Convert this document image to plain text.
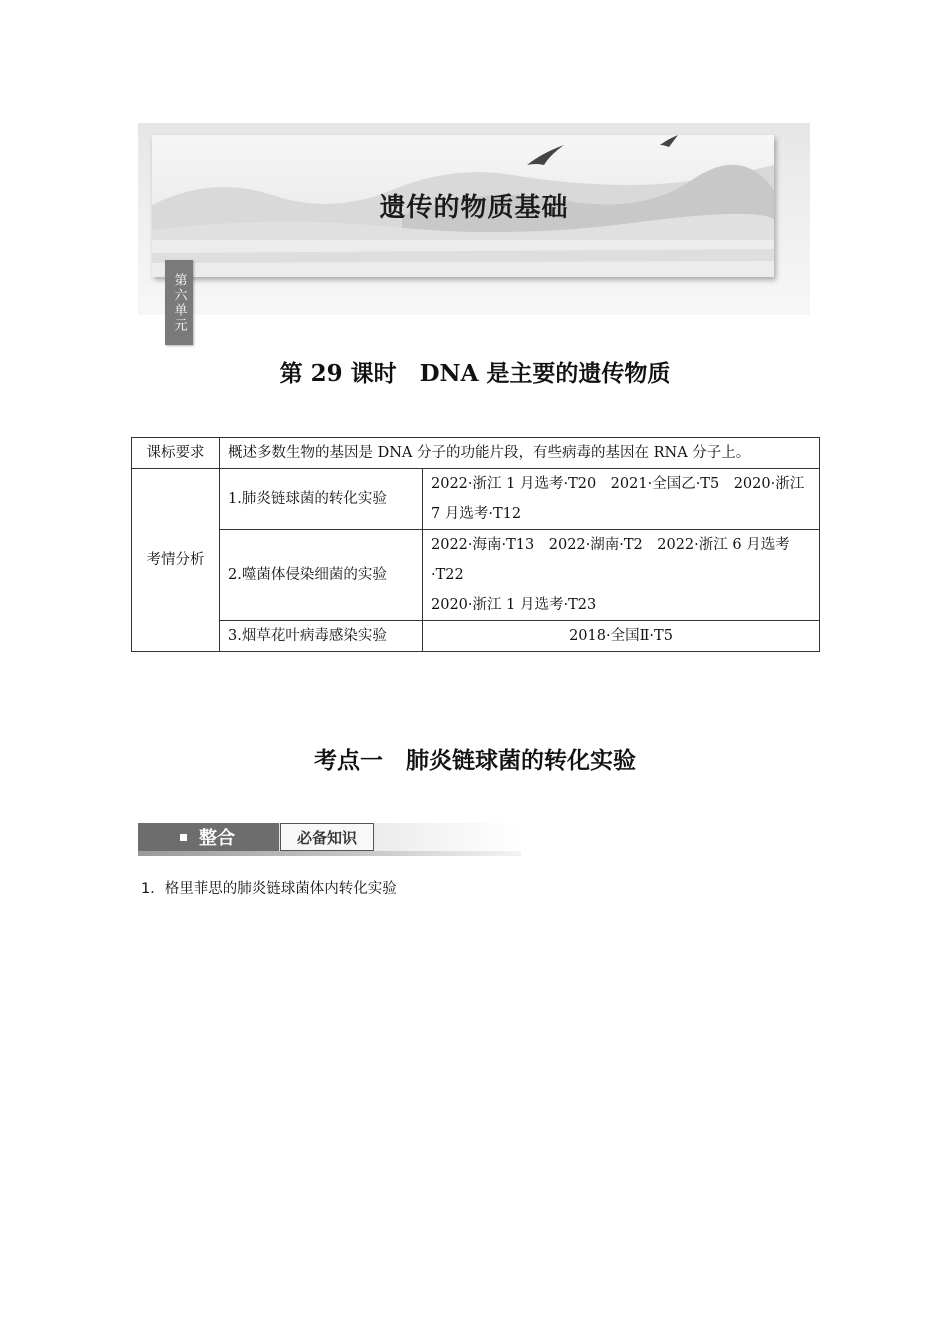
第六单元
遗传的物质基础
第 29 课时　DNA 是主要的遗传物质
课标要求	概述多数生物的基因是 DNA 分子的功能片段，有些病毒的基因在 RNA 分子上。	
考情分析	1.肺炎链球菌的转化实验	2022·浙江 1 月选考·T20　2021·全国乙·T5　2020·浙江 7 月选考·T12
	2.噬菌体侵染细菌的实验	2022·海南·T13　2022·湖南·T2　2022·浙江 6 月选考·T22
2020·浙江 1 月选考·T23

	3.烟草花叶病毒感染实验	2018·全国Ⅱ·T5
考点一　肺炎链球菌的转化实验
整合	必备知识
1．格里菲思的肺炎链球菌体内转化实验
